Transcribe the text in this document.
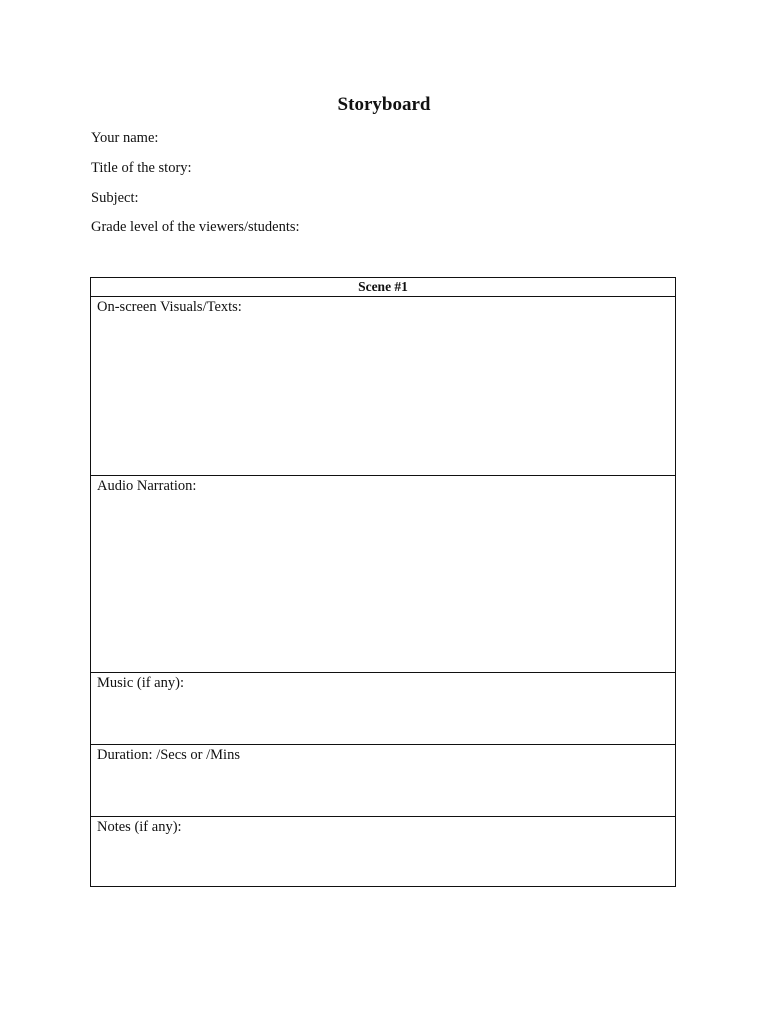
Storyboard
Your name:
Title of the story:
Subject:
Grade level of the viewers/students:
Scene #1
On-screen Visuals/Texts:
Audio Narration:
Music (if any):
Duration: /Secs or /Mins
Notes (if any):
